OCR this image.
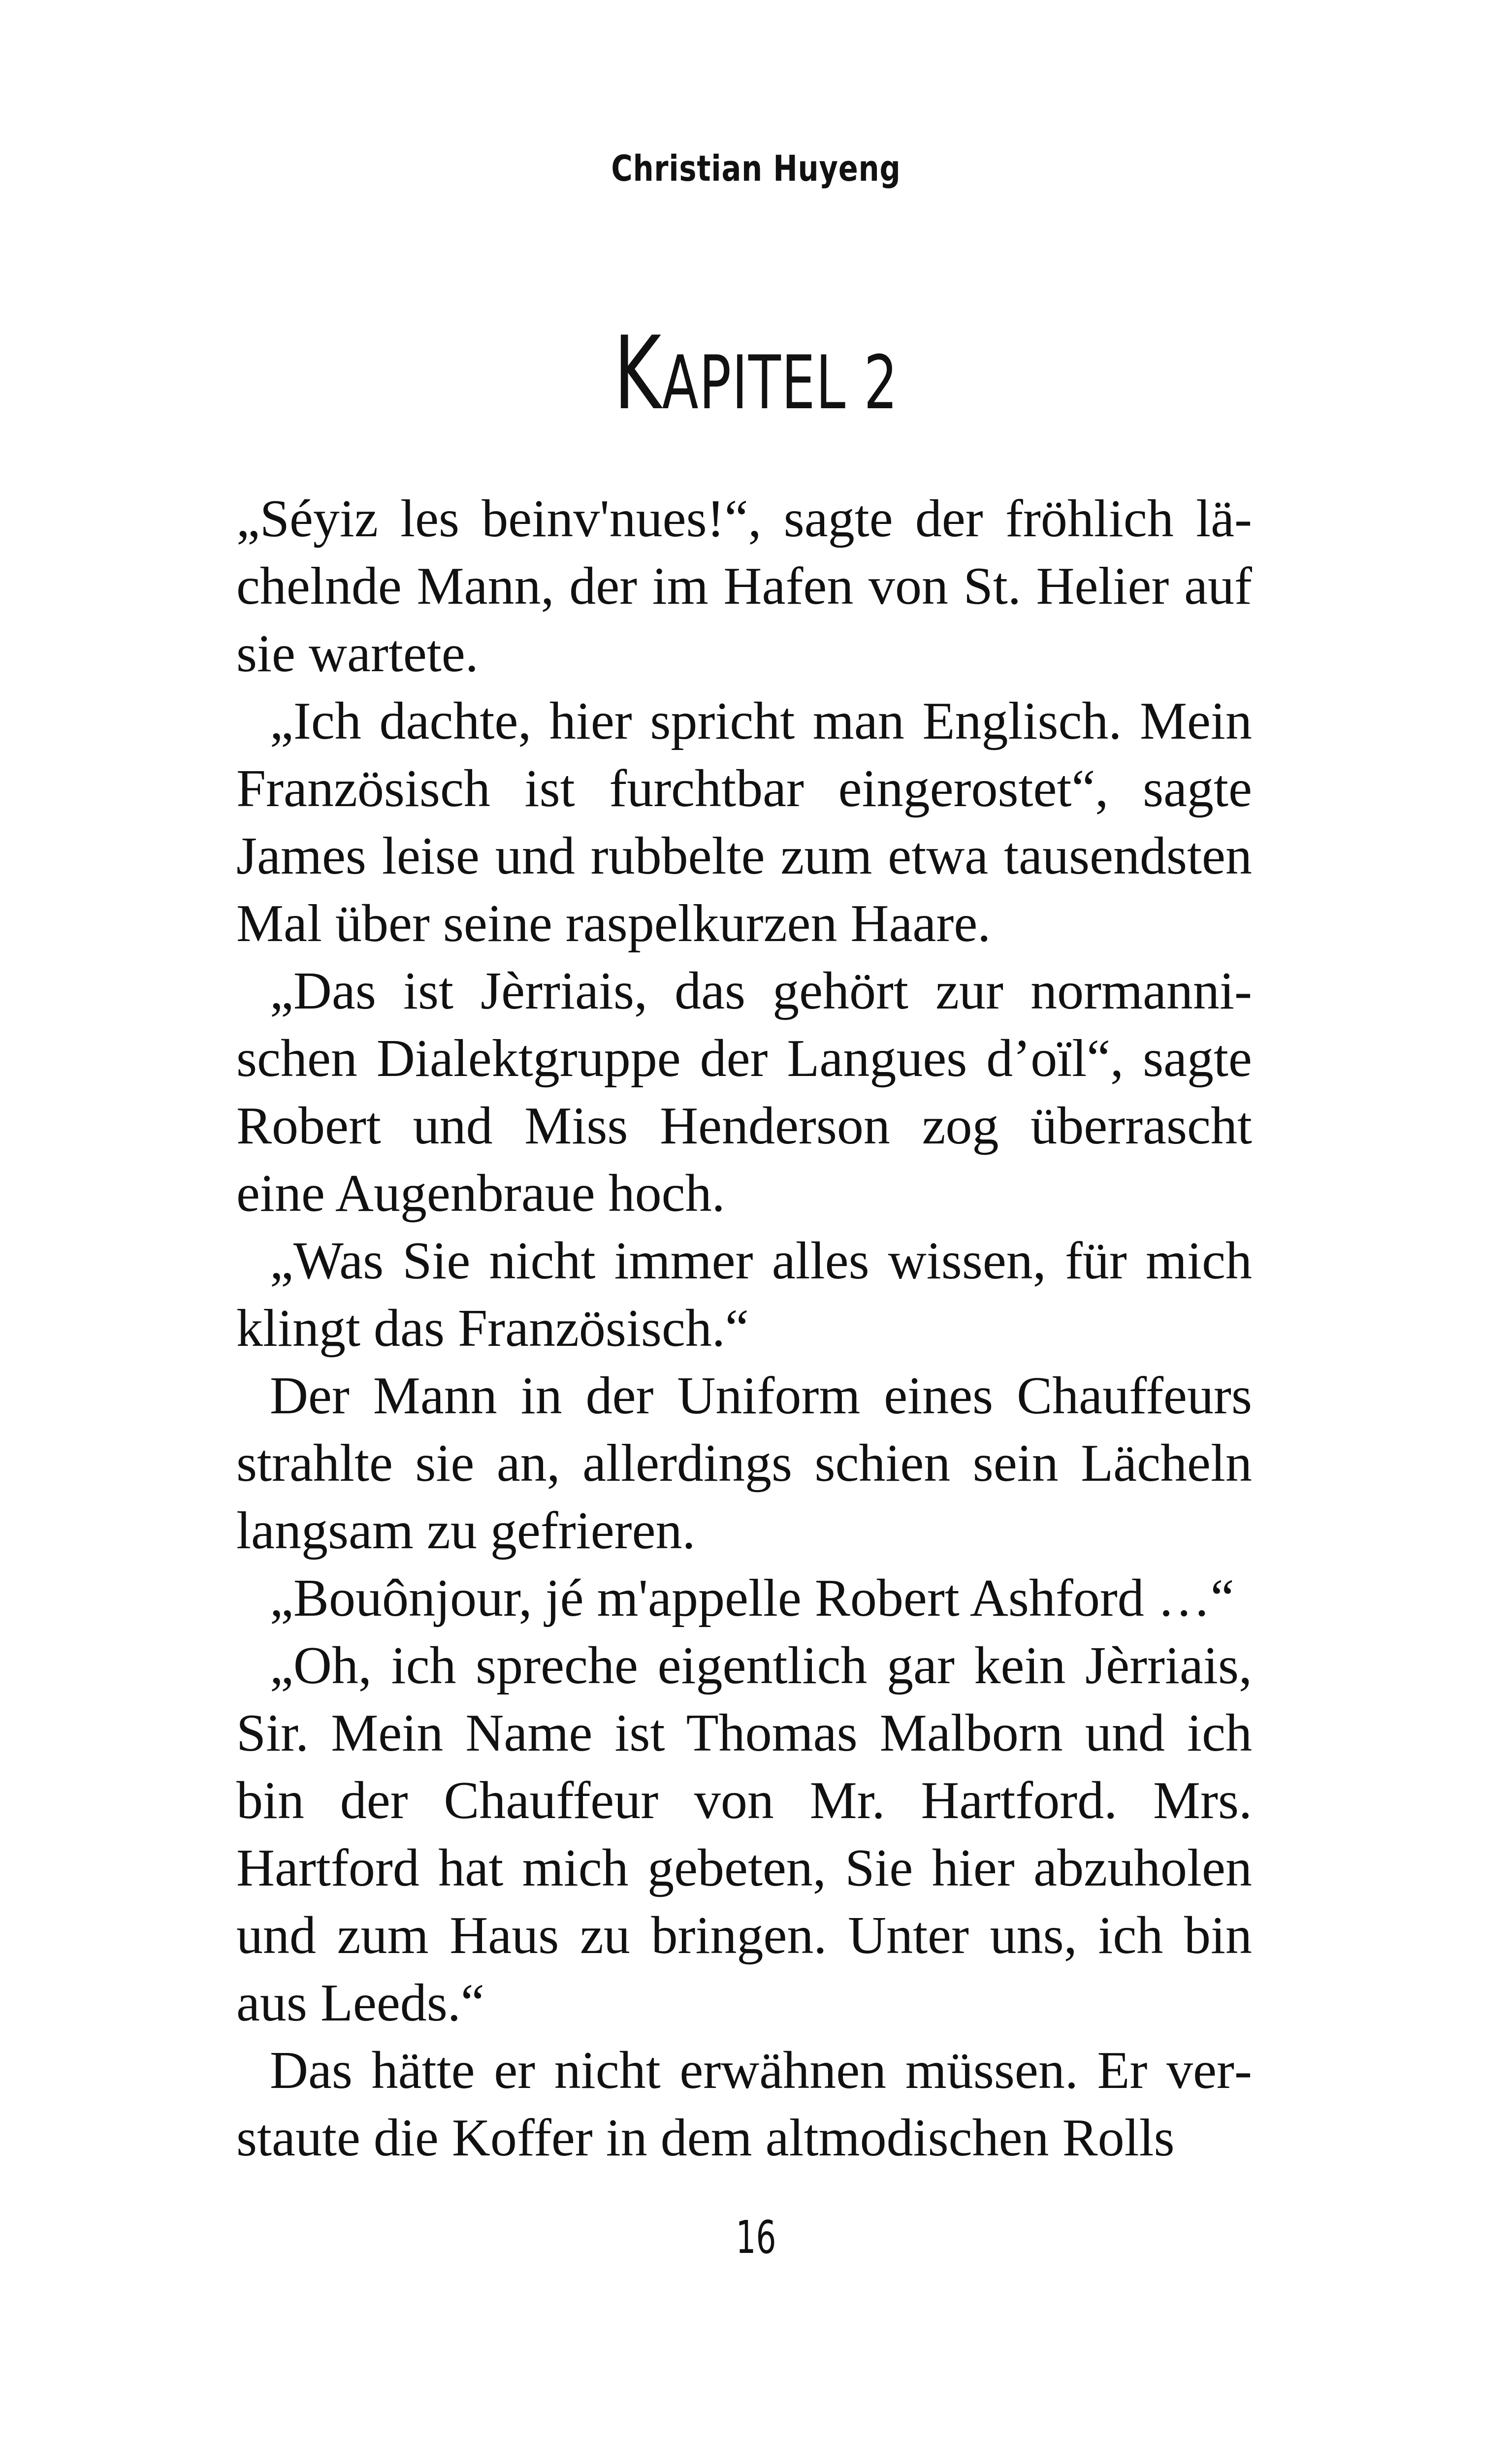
Christian Huyeng
KAPITEL 2

„Séyiz les beinv'nues!“, sagte der fröhlich lächelnde Mann, der im Hafen von St. Helier auf sie wartete.

„Ich dachte, hier spricht man Englisch. Mein Französisch ist furchtbar eingerostet“, sagte James leise und rubbelte zum etwa tausendsten Mal über seine raspelkurzen Haare.

„Das ist Jèrriais, das gehört zur normannischen Dialektgruppe der Langues d’oïl“, sagte Robert und Miss Henderson zog überrascht eine Augenbraue hoch.

„Was Sie nicht immer alles wissen, für mich klingt das Französisch.“

Der Mann in der Uniform eines Chauffeurs strahlte sie an, allerdings schien sein Lächeln langsam zu gefrieren.

„Bouônjour, jé m'appelle Robert Ashford …“

„Oh, ich spreche eigentlich gar kein Jèrriais, Sir. Mein Name ist Thomas Malborn und ich bin der Chauffeur von Mr. Hartford. Mrs. Hartford hat mich gebeten, Sie hier abzuholen und zum Haus zu bringen. Unter uns, ich bin aus Leeds.“

Das hätte er nicht erwähnen müssen. Er verstaute die Koffer in dem altmodischen Rolls

16
